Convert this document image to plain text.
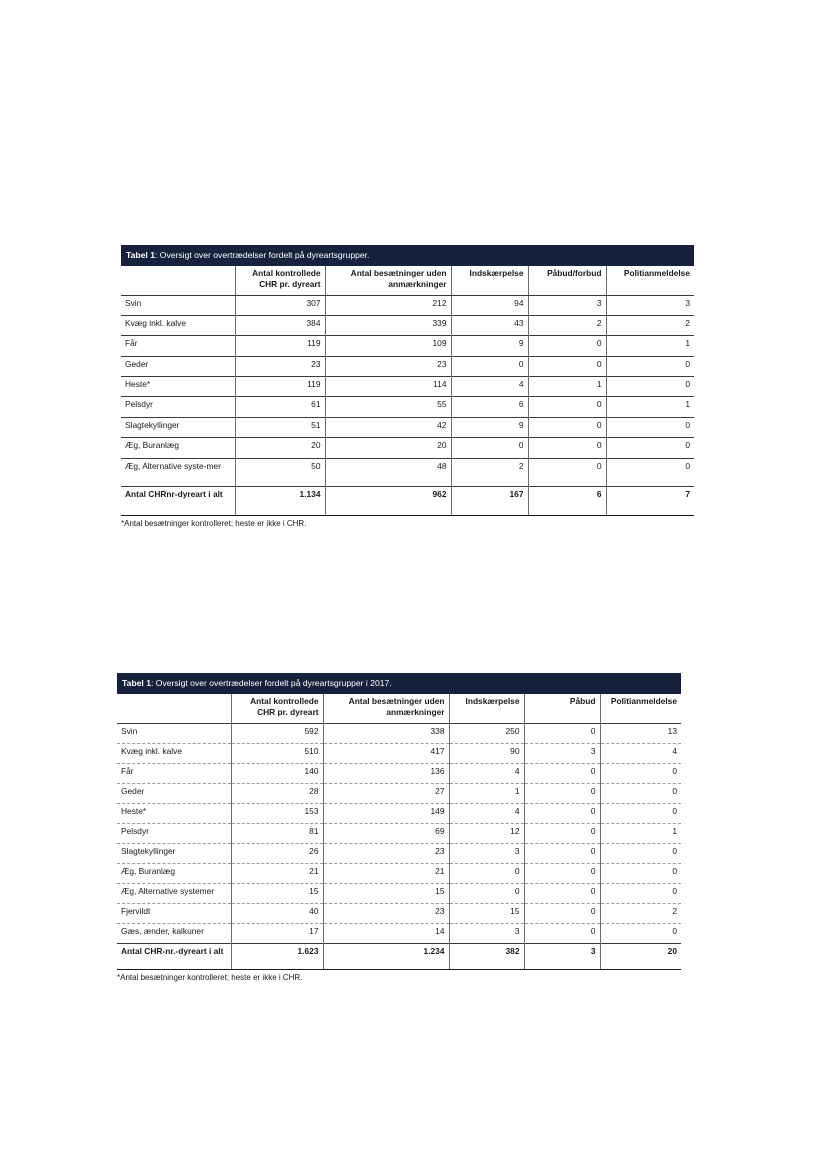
Tabel 1: Oversigt over overtrædelser fordelt på dyreartsgrupper.
	Antal kontrollede CHR pr. dyreart	Antal besætninger uden anmærkninger	Indskærpelse	Påbud/forbud	Politianmeldelse
Svin	307	212	94	3	3
Kvæg inkl. kalve	384	339	43	2	2
Får	119	109	9	0	1
Geder	23	23	0	0	0
Heste*	119	114	4	1	0
Pelsdyr	61	55	6	0	1
Slagtekyllinger	51	42	9	0	0
Æg, Buranlæg	20	20	0	0	0
Æg, Alternative syste-mer	50	48	2	0	0
Antal CHRnr-dyreart i alt	1.134	962	167	6	7
*Antal besætninger kontrolleret; heste er ikke i CHR.
Tabel 1: Oversigt over overtrædelser fordelt på dyreartsgrupper i 2017.
	Antal kontrollede CHR pr. dyreart	Antal besætninger uden anmærkninger	Indskærpelse	Påbud	Politianmeldelse
Svin	592	338	250	0	13
Kvæg inkl. kalve	510	417	90	3	4
Får	140	136	4	0	0
Geder	28	27	1	0	0
Heste*	153	149	4	0	0
Pelsdyr	81	69	12	0	1
Slagtekyllinger	26	23	3	0	0
Æg, Buranlæg	21	21	0	0	0
Æg, Alternative systemer	15	15	0	0	0
Fjervildt	40	23	15	0	2
Gæs, ænder, kalkuner	17	14	3	0	0
Antal CHR-nr.-dyreart i alt	1.623	1.234	382	3	20
*Antal besætninger kontrolleret; heste er ikke i CHR.
